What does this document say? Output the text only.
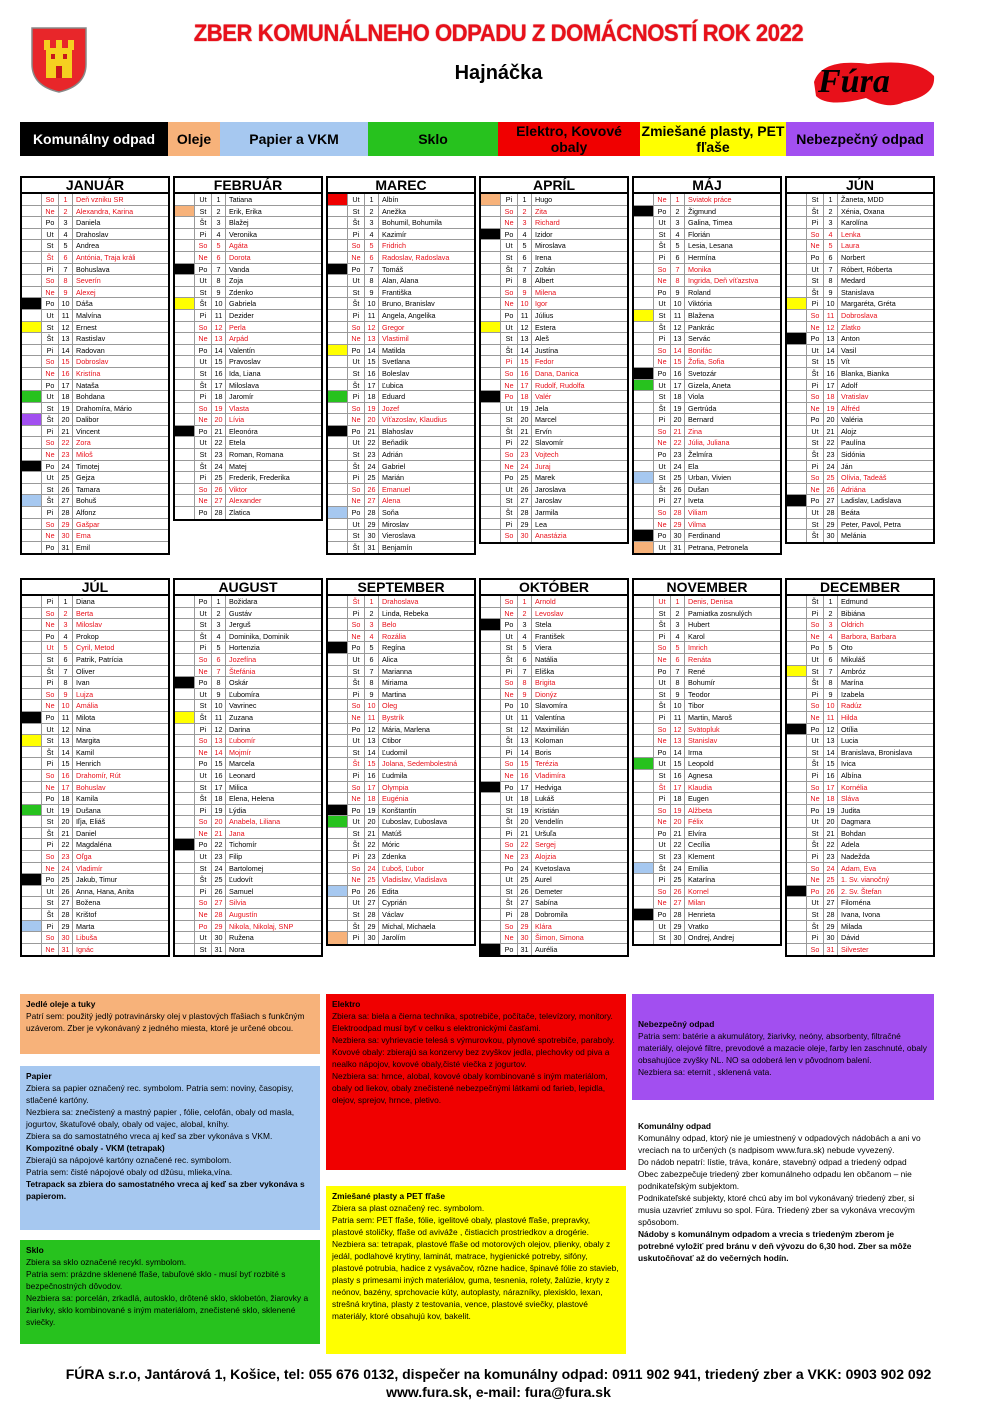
ZBER KOMUNÁLNEHO ODPADU Z DOMÁCNOSTÍ ROK 2022
Hajnáčka	Fúra
Komunálny odpad	Oleje	Papier a VKM	Sklo	Elektro, Kovové obaly
Zmiešané plasty, PET fľaše	Nebezpečný odpad
JANUÁR
So	1	Deň vzniku SR
Ne	2	Alexandra, Karina
Po	3	Daniela
Ut	4	Drahoslav
St	5	Andrea
Št	6	Antónia, Traja králi
Pi	7	Bohuslava
So	8	Severín
Ne	9	Alexej
Po 10 Dáša
Ut	11 Malvína
St	12 Ernest
Št	13 Rastislav
Pi	14 Radovan
So 15 Dobroslav
Ne 16 Kristína
Po 17 Nataša
Ut	18 Bohdana
St	19 Drahomíra, Mário
Št	20 Dalibor
Pi	21 Vincent
So 22 Zora
Ne 23 Miloš
Po 24 Timotej
Ut	25 Gejza
St	26 Tamara
Št	27 Bohuš
Pi	28 Alfonz
So 29 Gašpar
Ne 30 Ema
Po 31 Emil
FEBRUÁR
Ut	1	Tatiana
St	2	Erik, Erika
Št	3	Blažej
Pi	4	Veronika
So	5	Agáta
Ne	6	Dorota
Po	7	Vanda
Ut	8	Zoja
St	9	Zdenko
Št	10 Gabriela
Pi	11 Dezider
So 12 Perla
Ne 13 Arpád
Po 14 Valentín
Ut	15 Pravoslav
St	16 Ida, Liana
Št	17 Miloslava
Pi	18 Jaromír
So 19 Vlasta
Ne 20 Lívia
Po 21 Eleonóra
Ut	22 Etela
St	23 Roman, Romana
Št	24 Matej
Pi	25 Frederik, Frederika
So 26 Viktor
Ne 27 Alexander
Po 28 Zlatica
MAREC
Ut	1	Albín
St	2	Anežka
Št	3	Bohumil, Bohumila
Pi	4	Kazimír
So	5	Fridrich
Ne	6	Radoslav, Radoslava
Po	7	Tomáš
Ut	8	Alan, Alana
St	9	Františka
Št	10 Bruno, Branislav
Pi	11 Angela, Angelika
So 12 Gregor
Ne 13 Vlastimil
Po 14 Matilda
Ut	15 Svetlana
St	16 Boleslav
Št	17 Ľubica
Pi	18 Eduard
So 19 Jozef
Ne 20 Víťazoslav, Klaudius
Po 21 Blahoslav
Ut	22 Beňadik
St	23 Adrián
Št	24 Gabriel
Pi	25 Marián
So 26 Emanuel
Ne 27 Alena
Po 28 Soňa
Ut	29 Miroslav
St	30 Vieroslava
Št	31 Benjamín
APRÍL
Pi	1	Hugo
So	2	Zita
Ne	3	Richard
Po	4	Izidor
Ut	5	Miroslava
St	6	Irena
Št	7	Zoltán
Pi	8	Albert
So	9	Milena
Ne 10 Igor
Po	11 Július
Ut	12 Estera
St	13 Aleš
Št	14 Justína
Pi	15 Fedor
So 16 Dana, Danica
Ne 17 Rudolf, Rudolfa
Po 18 Valér
Ut	19 Jela
St	20 Marcel
Št	21 Ervín
Pi	22 Slavomír
So 23 Vojtech
Ne 24 Juraj
Po 25 Marek
Ut	26 Jaroslava
St	27 Jaroslav
Št	28 Jarmila
Pi	29 Lea
So 30 Anastázia
MÁJ
Ne	1	Sviatok práce
Po	2	Žigmund
Ut	3	Galina, Timea
St	4	Florián
Št	5	Lesia, Lesana
Pi	6	Hermína
So	7	Monika
Ne	8	Ingrida, Deň víťazstva
Po	9	Roland
Ut	10 Viktória
St	11 Blažena
Št	12 Pankrác
Pi	13 Servác
So 14 Bonifác
Ne 15 Žofia, Sofia
Po 16 Svetozár
Ut	17 Gizela, Aneta
St	18 Viola
Št	19 Gertrúda
Pi	20 Bernard
So 21 Zina
Ne 22 Júlia, Juliana
Po 23 Želmíra
Ut	24 Ela
St	25 Urban, Vivien
Št	26 Dušan
Pi	27 Iveta
So 28 Viliam
Ne 29 Vilma
Po 30 Ferdinand
Ut	31 Petrana, Petronela
JÚN
St	1	Žaneta, MDD
Št	2	Xénia, Oxana
Pi	3	Karolína
So	4	Lenka
Ne	5	Laura
Po	6	Norbert
Ut	7	Róbert, Róberta
St	8	Medard
Št	9	Stanislava
Pi	10 Margaréta, Gréta
So	11 Dobroslava
Ne 12 Zlatko
Po 13 Anton
Ut	14 Vasil
St	15 Vít
Št	16 Blanka, Bianka
Pi	17 Adolf
So 18 Vratislav
Ne 19 Alfréd
Po 20 Valéria
Ut	21 Alojz
St	22 Paulína
Št	23 Sidónia
Pi	24 Ján
So 25 Olívia, Tadeáš
Ne 26 Adriána
Po 27 Ladislav, Ladislava
Ut	28 Beáta
St	29 Peter, Pavol, Petra
Št	30 Melánia
JÚL
Pi	1	Diana
So	2	Berta
Ne	3	Miloslav
Po	4	Prokop
Ut	5	Cyril, Metod
St	6	Patrik, Patrícia
Št	7	Oliver
Pi	8	Ivan
So	9	Lujza
Ne 10 Amália
Po	11 Milota
Ut	12 Nina
St	13 Margita
Št	14 Kamil
Pi	15 Henrich
So 16 Drahomír, Rút
Ne 17 Bohuslav
Po 18 Kamila
Ut	19 Dušana
St	20 Iľja, Eliáš
Št	21 Daniel
Pi	22 Magdaléna
So 23 Oľga
Ne 24 Vladimír
Po 25 Jakub, Timur
Ut	26 Anna, Hana, Anita
St	27 Božena
Št	28 Krištof
Pi	29 Marta
So 30 Libuša
Ne 31 Ignác
AUGUST
Po	1	Božidara
Ut	2	Gustáv
St	3	Jerguš
Št	4	Dominika, Dominik
Pi	5	Hortenzia
So	6	Jozefína
Ne	7	Štefánia
Po	8	Oskár
Ut	9	Ľubomíra
St	10 Vavrinec
Št	11 Zuzana
Pi	12 Darina
So 13 Ľubomír
Ne 14 Mojmír
Po 15 Marcela
Ut	16 Leonard
St	17 Milica
Št	18 Elena, Helena
Pi	19 Lýdia
So 20 Anabela, Liliana
Ne 21 Jana
Po 22 Tichomír
Ut	23 Filip
St	24 Bartolomej
Št	25 Ľudovít
Pi	26 Samuel
So 27 Silvia
Ne 28 Augustín
Po 29 Nikola, Nikolaj, SNP
Ut	30 Ružena
St	31 Nora
SEPTEMBER
Št	1	Drahoslava
Pi	2	Linda, Rebeka
So	3	Belo
Ne	4	Rozália
Po	5	Regína
Ut	6	Alica
St	7	Marianna
Št	8	Miriama
Pi	9	Martina
So 10 Oleg
Ne 11 Bystrík
Po 12 Mária, Marlena
Ut	13 Ctibor
St	14 Ľudomil
Št	15 Jolana, Sedembolestná
Pi	16 Ľudmila
So 17 Olympia
Ne 18 Eugénia
Po 19 Konštantín
Ut	20 Ľuboslav, Ľuboslava
St	21 Matúš
Št	22 Móric
Pi	23 Zdenka
So 24 Ľuboš, Ľubor
Ne 25 Vladislav, Vladislava
Po 26 Edita
Ut	27 Cyprián
St	28 Václav
Št	29 Michal, Michaela
Pi	30 Jarolím
OKTÓBER
So	1	Arnold
Ne	2	Levoslav
Po	3	Stela
Ut	4	František
St	5	Viera
Št	6	Natália
Pi	7	Eliška
So	8	Brigita
Ne	9	Dionýz
Po 10 Slavomíra
Ut	11 Valentína
St	12 Maximilián
Št	13 Koloman
Pi	14 Boris
So 15 Terézia
Ne 16 Vladimíra
Po 17 Hedviga
Ut	18 Lukáš
St	19 Kristián
Št	20 Vendelín
Pi	21 Uršuľa
So 22 Sergej
Ne 23 Alojzia
Po 24 Kvetoslava
Ut	25 Aurel
St	26 Demeter
Št	27 Sabína
Pi	28 Dobromila
So 29 Klára
Ne 30 Šimon, Simona
Po 31 Aurélia
NOVEMBER
Ut	1	Denis, Denisa
St	2	Pamiatka zosnulých
Št	3	Hubert
Pi	4	Karol
So	5	Imrich
Ne	6	Renáta
Po	7	René
Ut	8	Bohumír
St	9	Teodor
Št	10 Tibor
Pi	11 Martin, Maroš
So 12 Svätopluk
Ne 13 Stanislav
Po 14 Irma
Ut	15 Leopold
St	16 Agnesa
Št	17 Klaudia
Pi	18 Eugen
So 19 Alžbeta
Ne 20 Félix
Po 21 Elvíra
Ut	22 Cecília
St	23 Klement
Št	24 Emília
Pi	25 Katarína
So 26 Kornel
Ne 27 Milan
Po 28 Henrieta
Ut	29 Vratko
St	30 Ondrej, Andrej
DECEMBER
Št	1	Edmund
Pi	2	Bibiána
So	3	Oldrich
Ne	4	Barbora, Barbara
Po	5	Oto
Ut	6	Mikuláš
St	7	Ambróz
Št	8	Marína
Pi	9	Izabela
So 10 Radúz
Ne 11 Hilda
Po 12 Otília
Ut	13 Lucia
St	14 Branislava, Bronislava
Št	15 Ivica
Pi	16 Albína
So 17 Kornélia
Ne 18 Sláva
Po 19 Judita
Ut	20 Dagmara
St	21 Bohdan
Št	22 Adela
Pi	23 Nadežda
So 24 Adam, Eva
Ne 25 1. Sv. vianočný
Po 26 2. Sv. Štefan
Ut	27 Filoména
St	28 Ivana, Ivona
Št	29 Milada
Pi	30 Dávid
So 31 Silvester
Jedlé oleje a tuky
Patrí sem: použitý jedlý potravinársky olej v plastových fľašiach s funkčným uzáverom. Zber je vykonávaný z jedného miesta, ktoré je určené obcou.
Papier
Zbiera sa papier označený rec. symbolom. Patria sem: noviny, časopisy, stlačené kartóny.
Nezbiera sa: znečistený a mastný papier , fólie, celofán, obaly od masla, jogurtov, škatuľové obaly, obaly od vajec, alobal, kníhy.
Zbiera sa do samostatného vreca aj keď sa zber vykonáva s VKM.
Kompozitné obaly - VKM (tetrapak)
Zbierajú sa nápojové kartóny označené rec. symbolom.
Patria sem: čisté nápojové obaly od džúsu, mlieka,vína.
Tetrapack sa zbiera do samostatného vreca aj keď sa zber vykonáva s papierom.
Sklo
Zbiera sa sklo označené recykl. symbolom.
Patria sem: prázdne sklenené fľaše, tabuľové sklo - musí byť rozbité s bezpečnostných dôvodov.
Nezbiera sa: porcelán, zrkadlá, autosklo, drôtené sklo, sklobetón, žiarovky a žiarivky, sklo kombinované s iným materiálom, znečistené sklo, sklenené sviečky.
Elektro
Zbiera sa: biela a čierna technika, spotrebiče, počítače, televízory, monitory.
Elektroodpad musí byť v celku s elektronickými časťami.
Nezbiera sa: vyhrievacie telesá s výmurovkou, plynové spotrebiče, paraboly.
Kovové obaly: zbierajú sa konzervy bez zvyškov jedla, plechovky od piva a nealko nápojov, kovové obaly,čisté viečka z jogurtov.
Nezbiera sa: hrnce, alobal, kovové obaly kombinované s iným materiálom, obaly od liekov, obaly znečistené nebezpečnými látkami od farieb, lepidla, olejov, sprejov, hrnce, pletivo.
Zmiešané plasty a PET fľaše
Zbiera sa plast označený rec. symbolom.
Patria sem: PET fľaše, fólie, igelitové obaly, plastové fľaše, prepravky, plastové stoličky, fľaše od aviváže , čistiacich prostriedkov a drogérie.
Nezbiera sa: tetrapak, plastové fľaše od motorových olejov, plienky, obaly z jedál, podlahové krytiny, laminát, matrace, hygienické potreby, sifóny, plastové potrubia, hadice z vysávačov, rôzne hadice, špinavé fólie zo stavieb, plasty s primesami iných materiálov, guma, tesnenia, rolety, žalúzie, kryty z neónov, bazény, sprchovacie kúty, autoplasty, nárazníky, plexisklo, lexan, strešná krytina, plasty z testovania, vence, plastové sviečky, plastové materiály, ktoré obsahujú kov, bakelit.
Nebezpečný odpad
Patria sem: batérie a akumulátory, žiarivky, neóny, absorbenty, filtračné materiály, olejové filtre, prevodové a mazacie oleje, farby len zaschnuté, obaly obsahujúce zvyšky NL. NO sa odoberá len v pôvodnom balení.
Nezbiera sa: eternit , sklenená vata.
Komunálny odpad
Komunálny odpad, ktorý nie je umiestnený v odpadových nádobách a ani vo vreciach na to určených (s nadpisom www.fura.sk) nebude vyvezený.
Do nádob nepatrí: lístie, tráva, konáre, stavebný odpad a triedený odpad
Obec zabezpečuje triedený zber komunálneho odpadu len občanom – nie podnikateľským subjektom.
Podnikateľské subjekty, ktoré chcú aby im bol vykonávaný triedený zber, si musia uzavrieť zmluvu so spol. Fúra. Triedený zber sa vykonáva vrecovým spôsobom.
Nádoby s komunálnym odpadom a vrecia s triedeným zberom je potrebné vyložiť pred bránu v deň vývozu do 6,30 hod. Zber sa môže uskutočňovať až do večerných hodín.
FÚRA s.r.o, Jantárová 1, Košice, tel: 055 676 0132, dispečer na komunálny odpad: 0911 902 941, triedený zber a VKK: 0903 902 092
www.fura.sk, e-mail: fura@fura.sk
